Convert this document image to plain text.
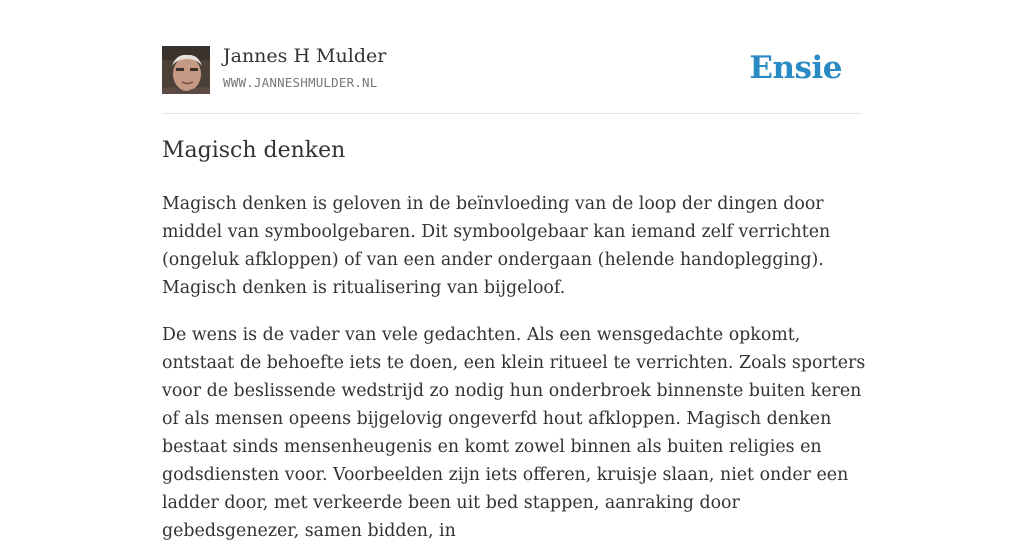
Jannes H Mulder
WWW.JANNESHMULDER.NL	Ensie
Magisch denken

Magisch denken is geloven in de beïnvloeding van de loop der dingen door middel van symboolgebaren. Dit symboolgebaar kan iemand zelf verrichten (ongeluk afkloppen) of van een ander ondergaan (helende handoplegging). Magisch denken is ritualisering van bijgeloof.

De wens is de vader van vele gedachten. Als een wensgedachte opkomt, ontstaat de behoefte iets te doen, een klein ritueel te verrichten. Zoals sporters voor de beslissende wedstrijd zo nodig hun onderbroek binnenste buiten keren of als mensen opeens bijgelovig ongeverfd hout afkloppen. Magisch denken bestaat sinds mensenheugenis en komt zowel binnen als buiten religies en godsdiensten voor. Voorbeelden zijn iets offeren, kruisje slaan, niet onder een ladder door, met verkeerde been uit bed stappen, aanraking door gebedsgenezer, samen bidden, in
